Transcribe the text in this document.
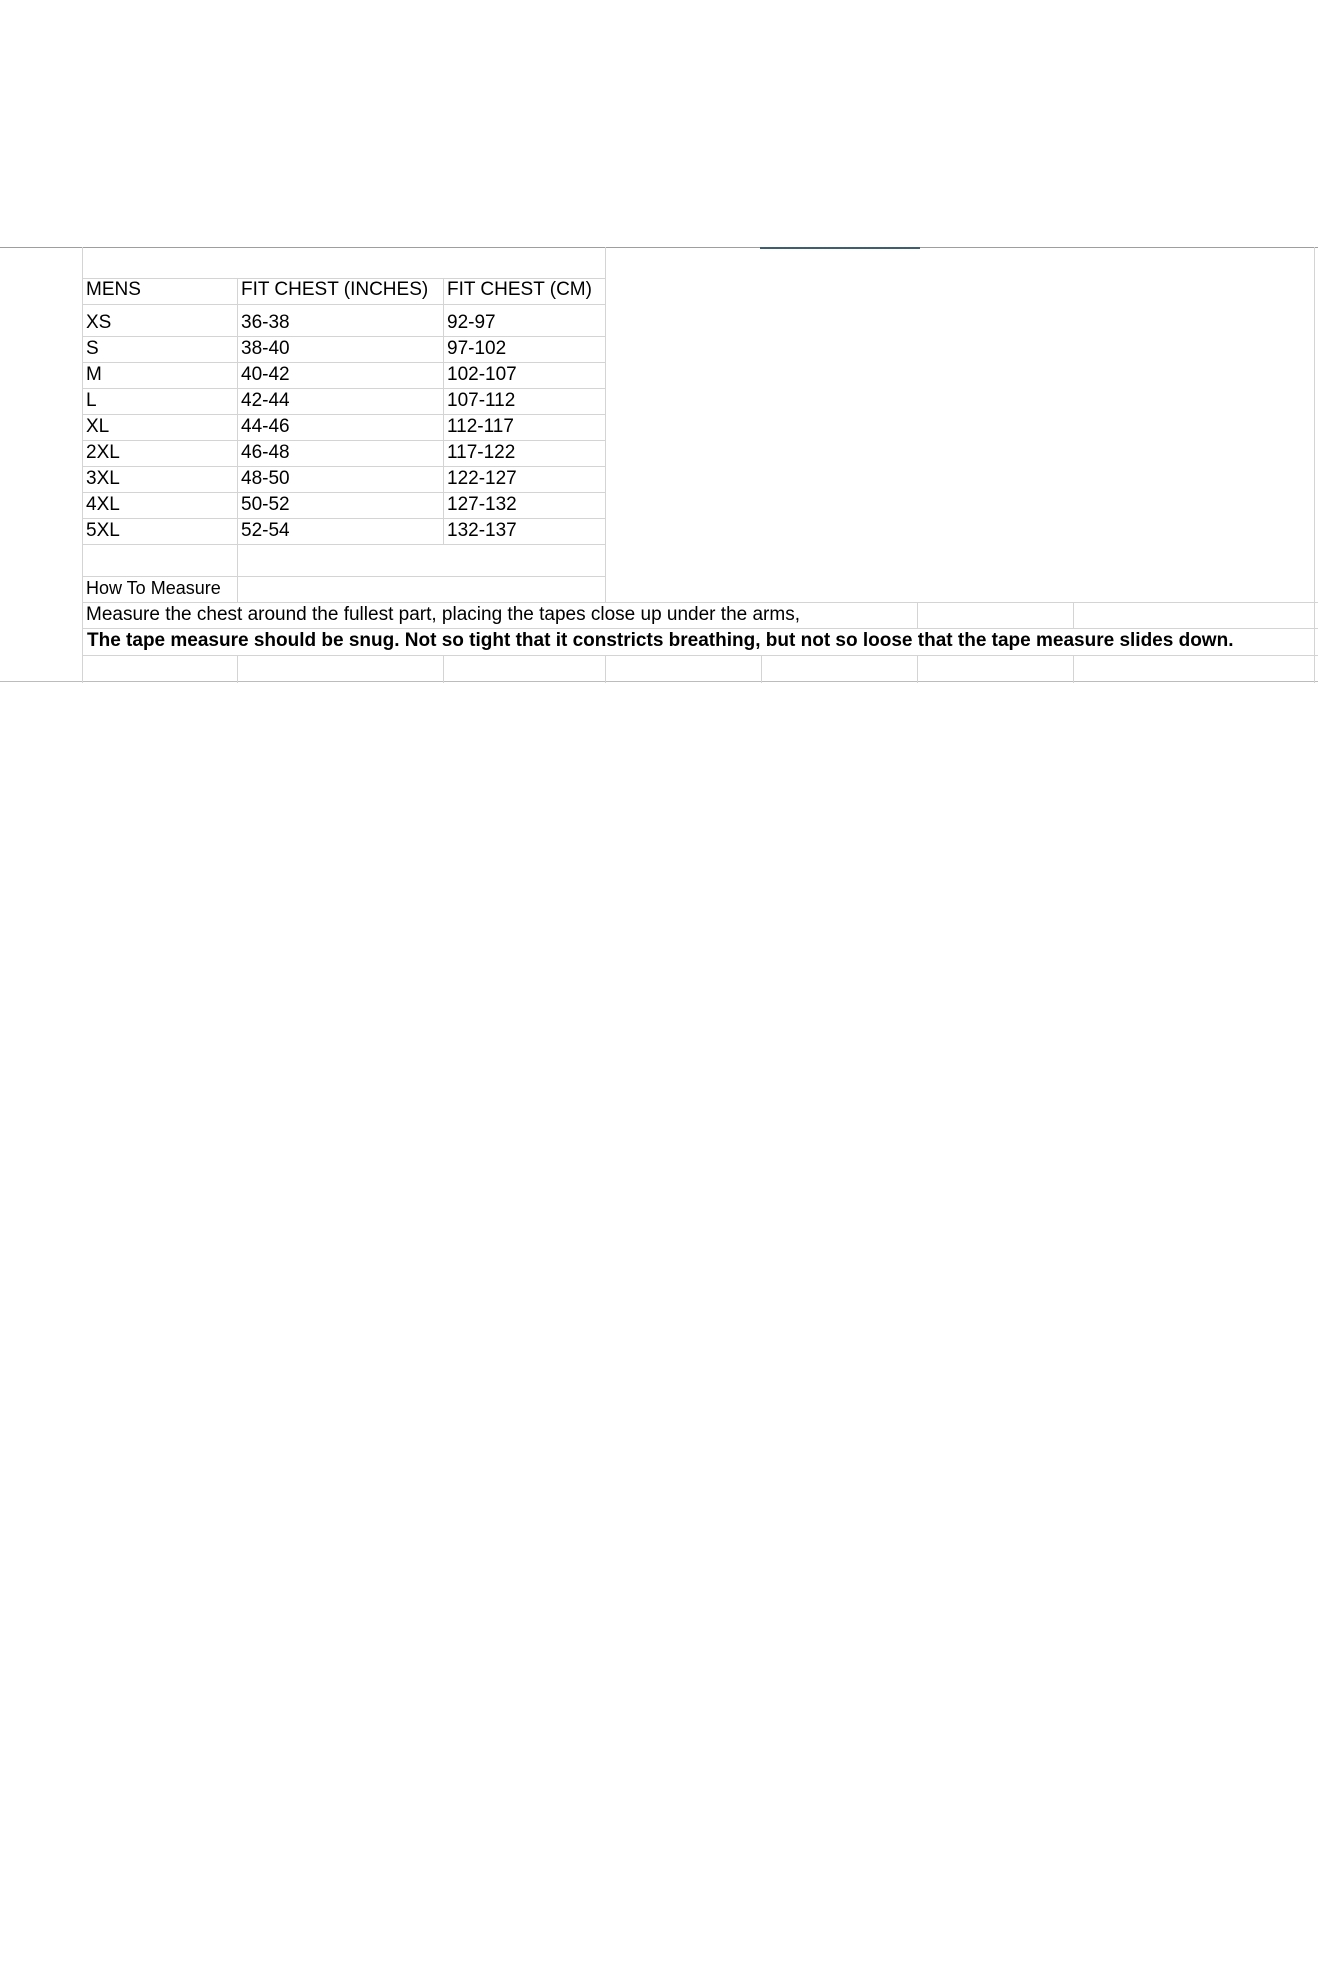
MENS	FIT CHEST (INCHES) FIT CHEST (CM)
XS	36-38	92-97
S	38-40	97-102
M	40-42	102-107
L	42-44	107-112
XL	44-46	112-117
2XL	46-48	117-122
3XL	48-50	122-127
4XL	50-52	127-132
5XL	52-54	132-137
How To Measure
Measure the chest around the fullest part, placing the tapes close up under the arms,
The tape measure should be snug. Not so tight that it constricts breathing, but not so loose that the tape measure slides down.
